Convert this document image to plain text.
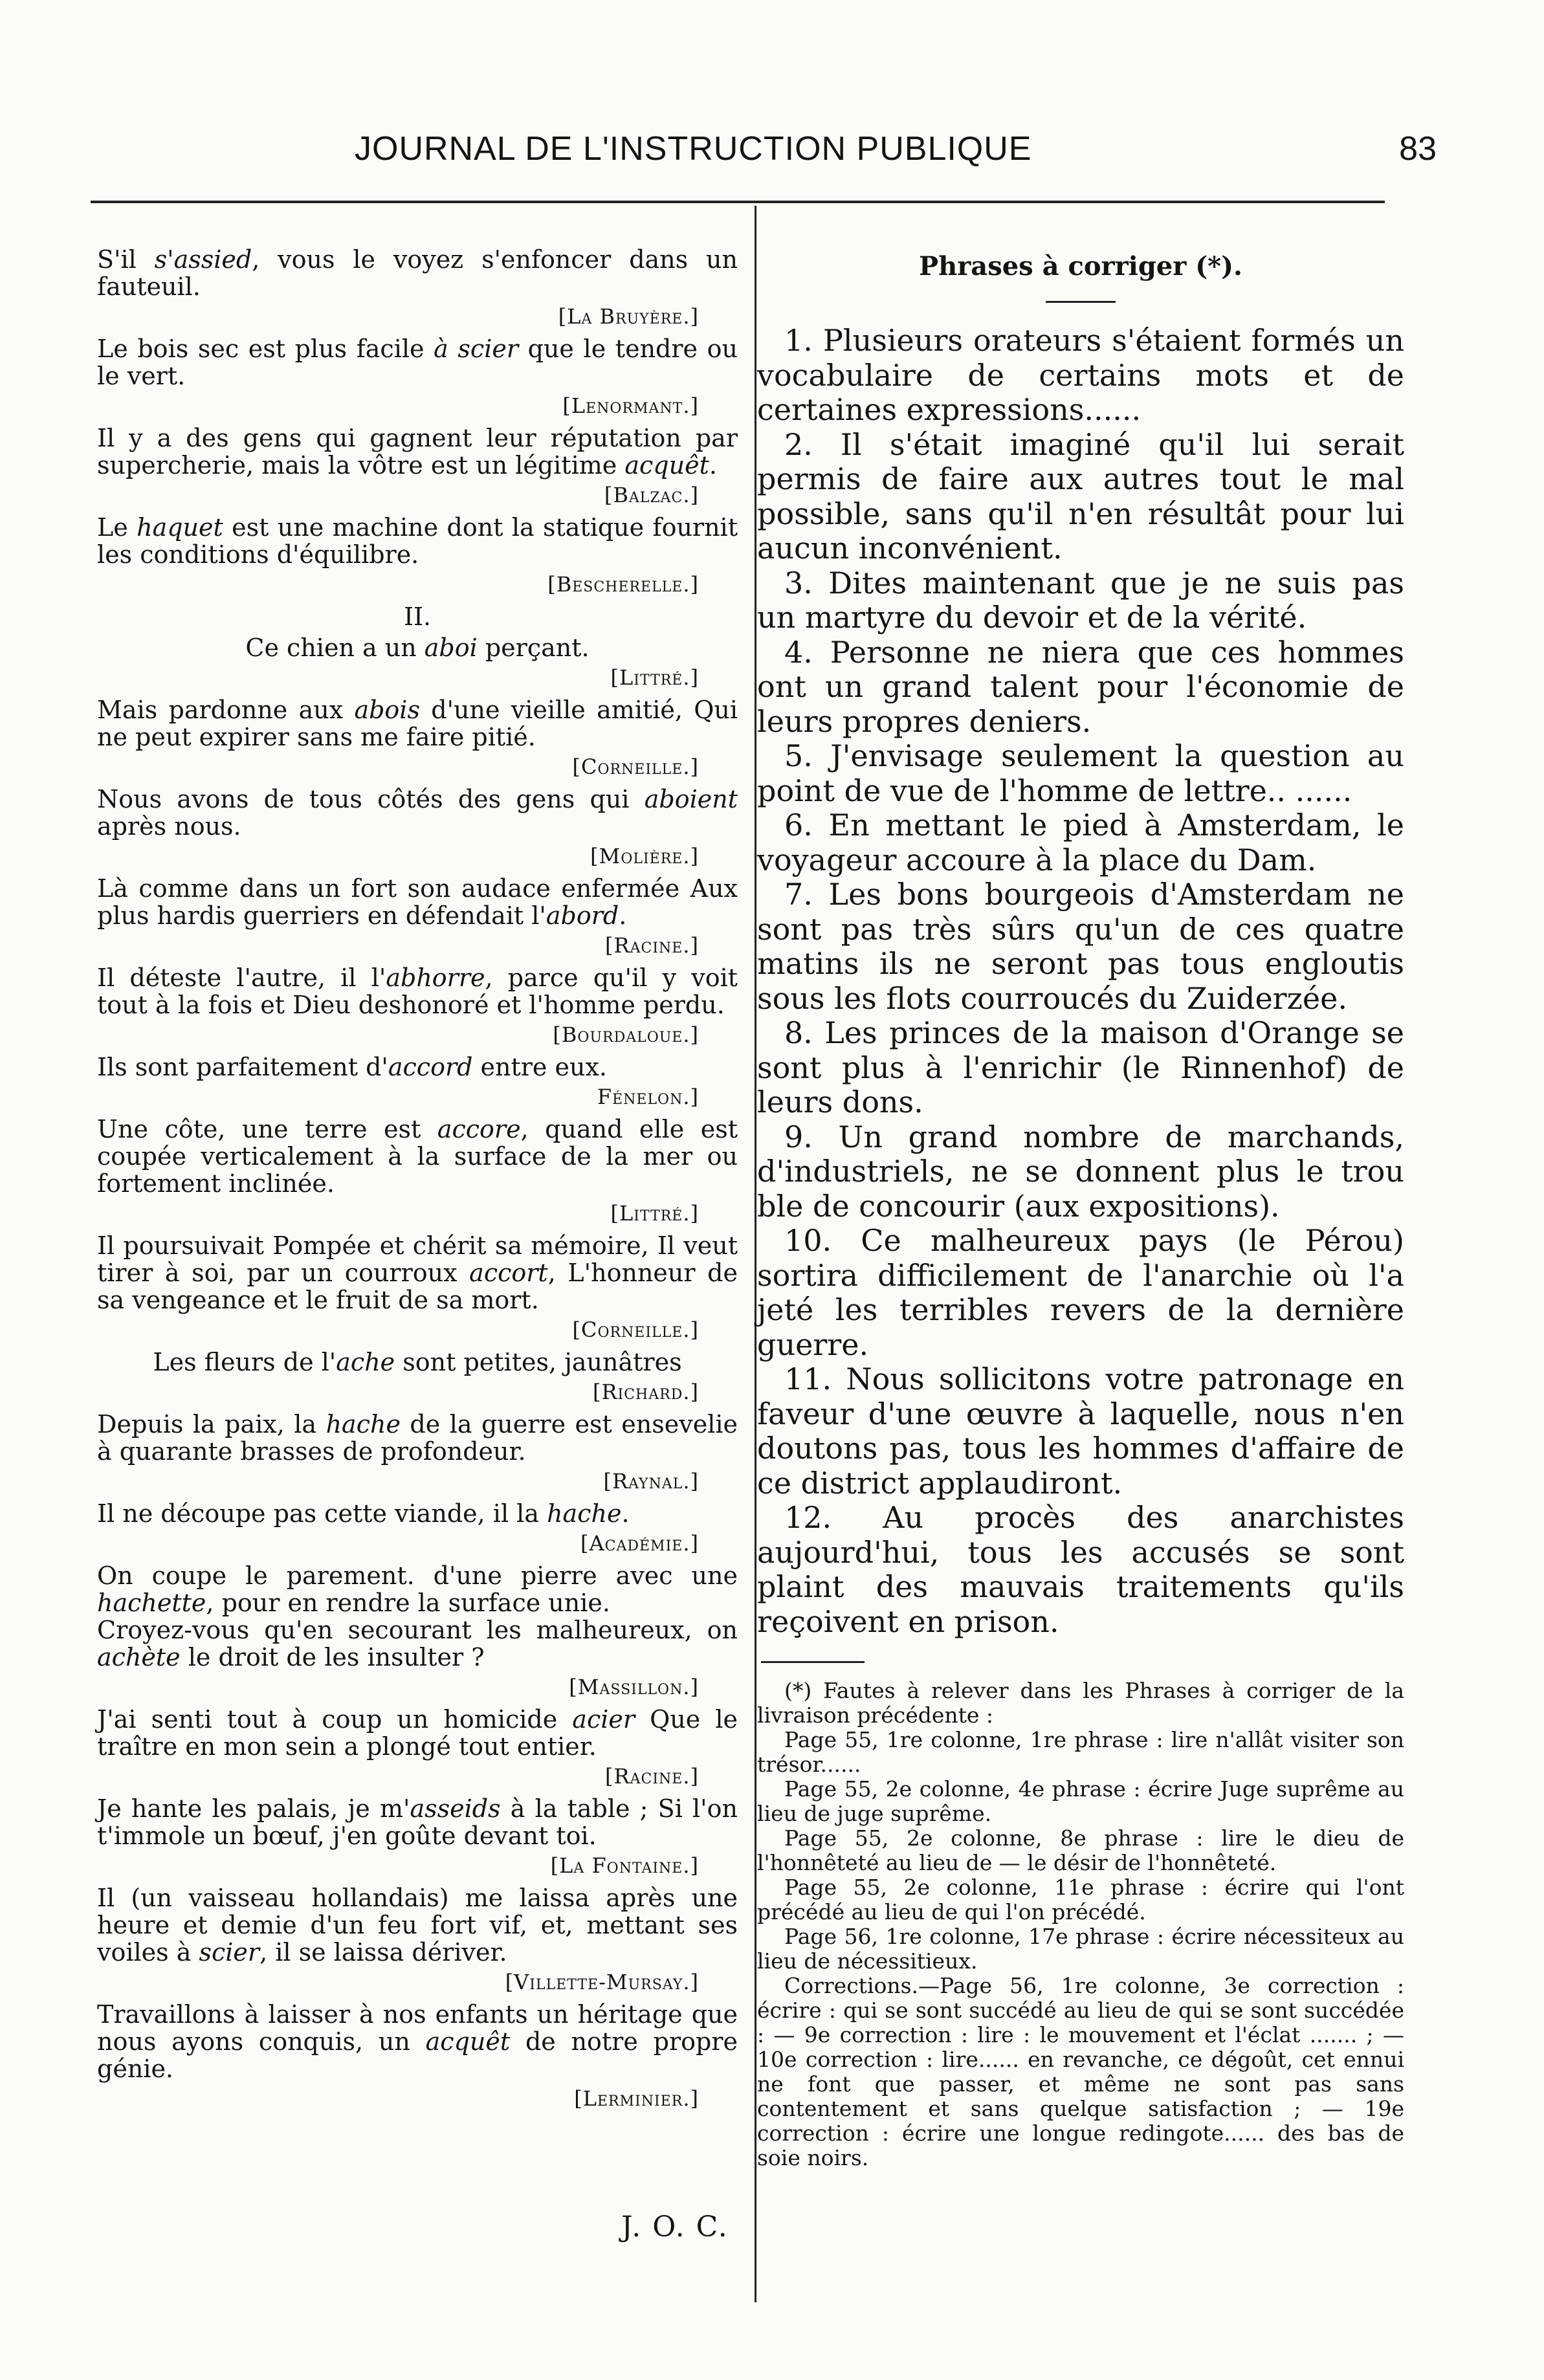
JOURNAL DE L'INSTRUCTION PUBLIQUE	83

S'il s'assied, vous le voyez s'enfoncer dans un fauteuil.

[La Bruyère.]

Le bois sec est plus facile à scier que le tendre ou le vert.

[Lenormant.]

Il y a des gens qui gagnent leur réputation par supercherie, mais la vôtre est un légitime acquêt.

[Balzac.]

Le haquet est une machine dont la statique fournit les conditions d'équilibre.

[Bescherelle.]
II.

Ce chien a un aboi perçant.

[Littré.]

Mais pardonne aux abois d'une vieille amitié, Qui ne peut expirer sans me faire pitié.

[Corneille.]

Nous avons de tous côtés des gens qui aboient après nous.

[Molière.]

Là comme dans un fort son audace enfermée Aux plus hardis guerriers en défendait l'abord.

[Racine.]

Il déteste l'autre, il l'abhorre, parce qu'il y voit tout à la fois et Dieu deshonoré et l'homme perdu.

[Bourdaloue.]

Ils sont parfaitement d'accord entre eux.

Fénelon.]

Une côte, une terre est accore, quand elle est coupée verticalement à la surface de la mer ou fortement inclinée.

[Littré.]

Il poursuivait Pompée et chérit sa mémoire, Il veut tirer à soi, par un courroux accort, L'honneur de sa vengeance et le fruit de sa mort.

[Corneille.]

Les fleurs de l'ache sont petites, jaunâtres

[Richard.]

Depuis la paix, la hache de la guerre est ensevelie à quarante brasses de profondeur.

[Raynal.]

Il ne découpe pas cette viande, il la hache.

[Académie.]

On coupe le parement. d'une pierre avec une hachette, pour en rendre la surface unie.

Croyez-vous qu'en secourant les malheureux, on achète le droit de les insulter ?

[Massillon.]

J'ai senti tout à coup un homicide acier Que le traître en mon sein a plongé tout entier.

[Racine.]

Je hante les palais, je m'asseids à la table ; Si l'on t'immole un bœuf, j'en goûte devant toi.

[La Fontaine.]

Il (un vaisseau hollandais) me laissa après une heure et demie d'un feu fort vif, et, mettant ses voiles à scier, il se laissa dériver.

[Villette-Mursay.]

Travaillons à laisser à nos enfants un héritage que nous ayons conquis, un acquêt de notre propre génie.

[Lerminier.]
Phrases à corriger (*).

1. Plusieurs orateurs s'étaient formés un vocabulaire de certains mots et de certaines expressions......

2. Il s'était imaginé qu'il lui serait permis de faire aux autres tout le mal possible, sans qu'il n'en résultât pour lui aucun inconvénient.

3. Dites maintenant que je ne suis pas un martyre du devoir et de la vérité.

4. Personne ne niera que ces hommes ont un grand talent pour l'économie de leurs propres deniers.

5. J'envisage seulement la question au point de vue de l'homme de lettre.. ......

6. En mettant le pied à Amsterdam, le voyageur accoure à la place du Dam.

7. Les bons bourgeois d'Amsterdam ne sont pas très sûrs qu'un de ces quatre matins ils ne seront pas tous engloutis sous les flots courroucés du Zuiderzée.

8. Les princes de la maison d'Orange se sont plus à l'enrichir (le Rinnenhof) de leurs dons.

9. Un grand nombre de marchands, d'industriels, ne se donnent plus le trou ble de concourir (aux expositions).

10. Ce malheureux pays (le Pérou) sortira difficilement de l'anarchie où l'a jeté les terribles revers de la dernière guerre.

11. Nous sollicitons votre patronage en faveur d'une œuvre à laquelle, nous n'en doutons pas, tous les hommes d'affaire de ce district applaudiront.

12. Au procès des anarchistes aujourd'hui, tous les accusés se sont plaint des mauvais traitements qu'ils reçoivent en prison.

(*) Fautes à relever dans les Phrases à corriger de la livraison précédente :

Page 55, 1re colonne, 1re phrase : lire n'allât visiter son trésor......

Page 55, 2e colonne, 4e phrase : écrire Juge suprême au lieu de juge suprême.

Page 55, 2e colonne, 8e phrase : lire le dieu de l'honnêteté au lieu de — le désir de l'honnêteté.

Page 55, 2e colonne, 11e phrase : écrire qui l'ont précédé au lieu de qui l'on précédé.

Page 56, 1re colonne, 17e phrase : écrire nécessiteux au lieu de nécessitieux.

Corrections.—Page 56, 1re colonne, 3e correction : écrire : qui se sont succédé au lieu de qui se sont succédée : — 9e correction : lire : le mouvement et l'éclat ....... ; — 10e correction : lire...... en revanche, ce dégoût, cet ennui ne font que passer, et même ne sont pas sans contentement et sans quelque satisfaction ; — 19e correction : écrire une longue redingote...... des bas de soie noirs.

J. O. C.
